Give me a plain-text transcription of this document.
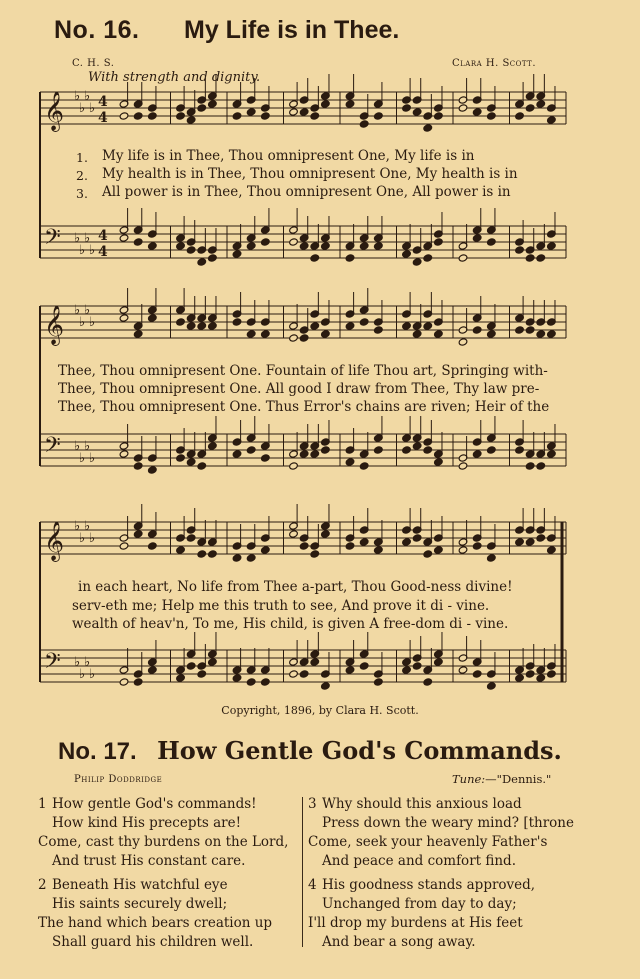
No. 16. My Life is in Thee.
C. H. S.	Clara H. Scott.
With strength and dignity.
𝄞 ♭
♭
♭
♭
𝄢 ♭
♭
♭
♭
𝄞 ♭
♭
♭
♭
𝄢 ♭
♭
♭
♭
𝄞 ♭
♭
♭
♭
𝄢 ♭
♭
♭
♭
4
4
4
4
1.
2.
3.
My life is in Thee, Thou omnipresent One, My life is in
My health is in Thee, Thou omnipresent One, My health is in
All power is in Thee, Thou omnipresent One, All power is in
Thee, Thou omnipresent One. Fountain of life Thou art, Springing with-
Thee, Thou omnipresent One. All good I draw from Thee, Thy law pre-
Thee, Thou omnipresent One. Thus Error's chains are riven; Heir of the
in each heart, No life from Thee a-part, Thou Good-ness divine!
serv-eth me; Help me this truth to see, And prove it di - vine.
wealth of heav'n, To me, His child, is given A free-dom di - vine.
Copyright, 1896, by Clara H. Scott.
No. 17. How Gentle God's Commands.
Philip Doddridge	Tune:—"Dennis."
1 How gentle God's commands!
How kind His precepts are!
Come, cast thy burdens on the Lord,
And trust His constant care.
2 Beneath His watchful eye
His saints securely dwell;
The hand which bears creation up
Shall guard his children well.
3 Why should this anxious load
Press down the weary mind? [throne
Come, seek your heavenly Father's
And peace and comfort find.
4 His goodness stands approved,
Unchanged from day to day;
I'll drop my burdens at His feet
And bear a song away.
